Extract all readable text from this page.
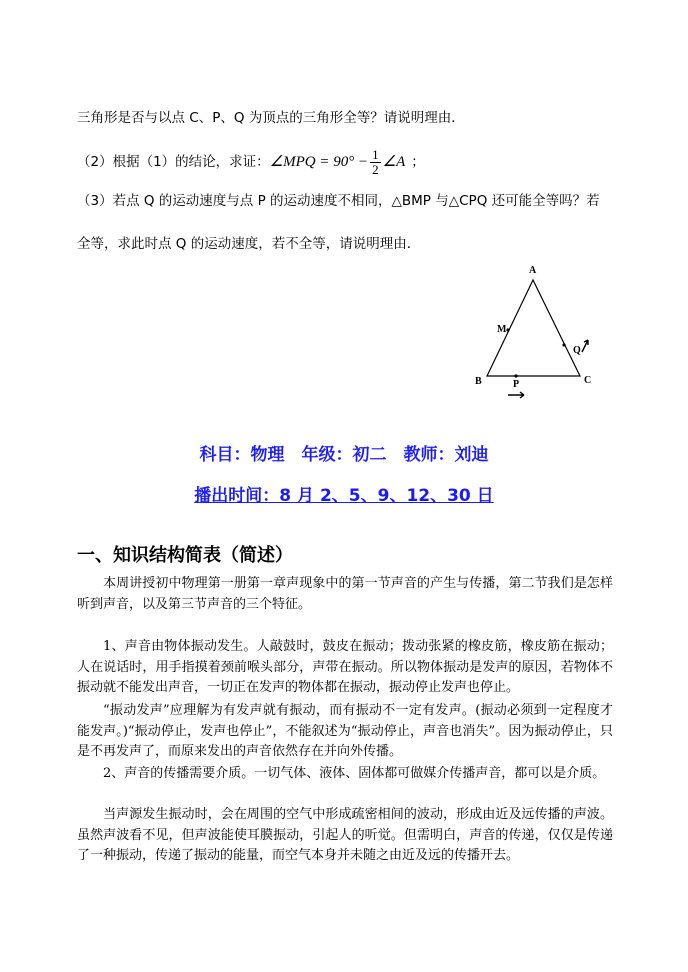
三角形是否与以点 C、P、Q 为顶点的三角形全等？请说明理由．
（2）根据（1）的结论，求证：∠MPQ = $90^\circ - \frac{1}{2}$ ∠A ；
（3）若点 Q 的运动速度与点 P 的运动速度不相同，△BMP 与△CPQ 还可能全等吗？若
全等，求此时点 Q 的运动速度，若不全等，请说明理由．
A
M
Q
B	P	C
科目：物理　年级：初二　教师：刘迪
播出时间：8 月 2、5、9、12、30 日
一、知识结构简表（简述）
本周讲授初中物理第一册第一章声现象中的第一节声音的产生与传播，第二节我们是怎样听到声音，以及第三节声音的三个特征。
1、声音由物体振动发生。人敲鼓时，鼓皮在振动；拨动张紧的橡皮筋，橡皮筋在振动；人在说话时，用手指摸着颈前喉头部分，声带在振动。所以物体振动是发声的原因，若物体不振动就不能发出声音，一切正在发声的物体都在振动，振动停止发声也停止。
“振动发声”应理解为有发声就有振动，而有振动不一定有发声。(振动必须到一定程度才能发声。)“振动停止，发声也停止”，不能叙述为“振动停止，声音也消失”。因为振动停止，只是不再发声了，而原来发出的声音依然存在并向外传播。
2、声音的传播需要介质。一切气体、液体、固体都可做媒介传播声音，都可以是介质。
当声源发生振动时，会在周围的空气中形成疏密相间的波动，形成由近及远传播的声波。虽然声波看不见，但声波能使耳膜振动，引起人的听觉。但需明白，声音的传递，仅仅是传递了一种振动，传递了振动的能量，而空气本身并未随之由近及远的传播开去。
